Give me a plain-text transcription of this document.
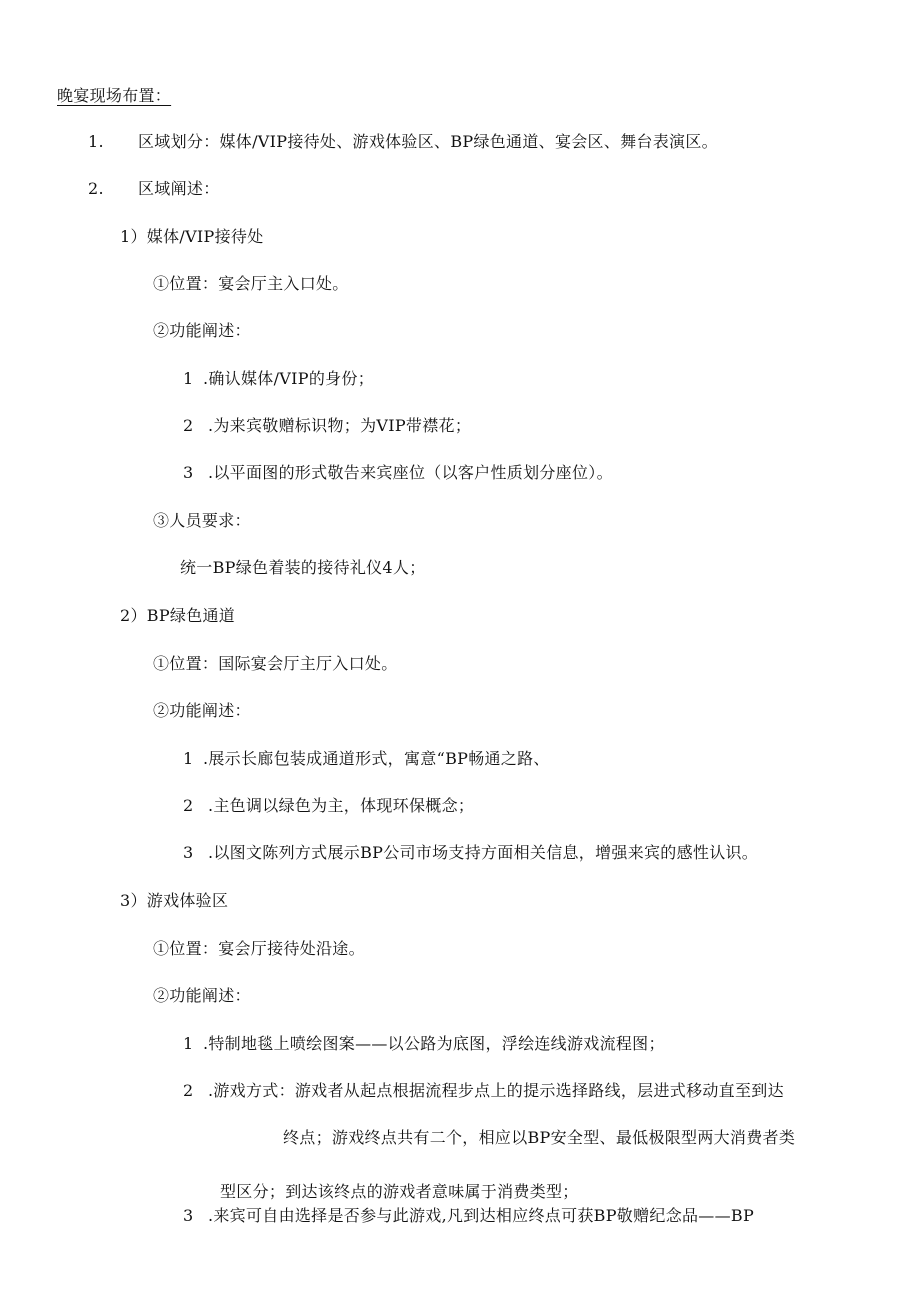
晚宴现场布置：
1. 区域划分：媒体/VIP接待处、游戏体验区、BP绿色通道、宴会区、舞台表演区。
2. 区域阐述：
1）媒体/VIP接待处
①位置：宴会厅主入口处。
②功能阐述：
1 .确认媒体/VIP的身份；
2 .为来宾敬赠标识物；为VIP带襟花；
3 .以平面图的形式敬告来宾座位（以客户性质划分座位）。
③人员要求：
统一BP绿色着装的接待礼仪4人；
2）BP绿色通道
①位置：国际宴会厅主厅入口处。
②功能阐述：
1 .展示长廊包装成通道形式，寓意“BP畅通之路、
2 .主色调以绿色为主，体现环保概念；
3 .以图文陈列方式展示BP公司市场支持方面相关信息，增强来宾的感性认识。
3）游戏体验区
①位置：宴会厅接待处沿途。
②功能阐述：
1 .特制地毯上喷绘图案——以公路为底图，浮绘连线游戏流程图；
2 .游戏方式：游戏者从起点根据流程步点上的提示选择路线，层进式移动直至到达
终点；游戏终点共有二个，相应以BP安全型、最低极限型两大消费者类
型区分；到达该终点的游戏者意味属于消费类型；
3 .来宾可自由选择是否参与此游戏,凡到达相应终点可获BP敬赠纪念品——BP
